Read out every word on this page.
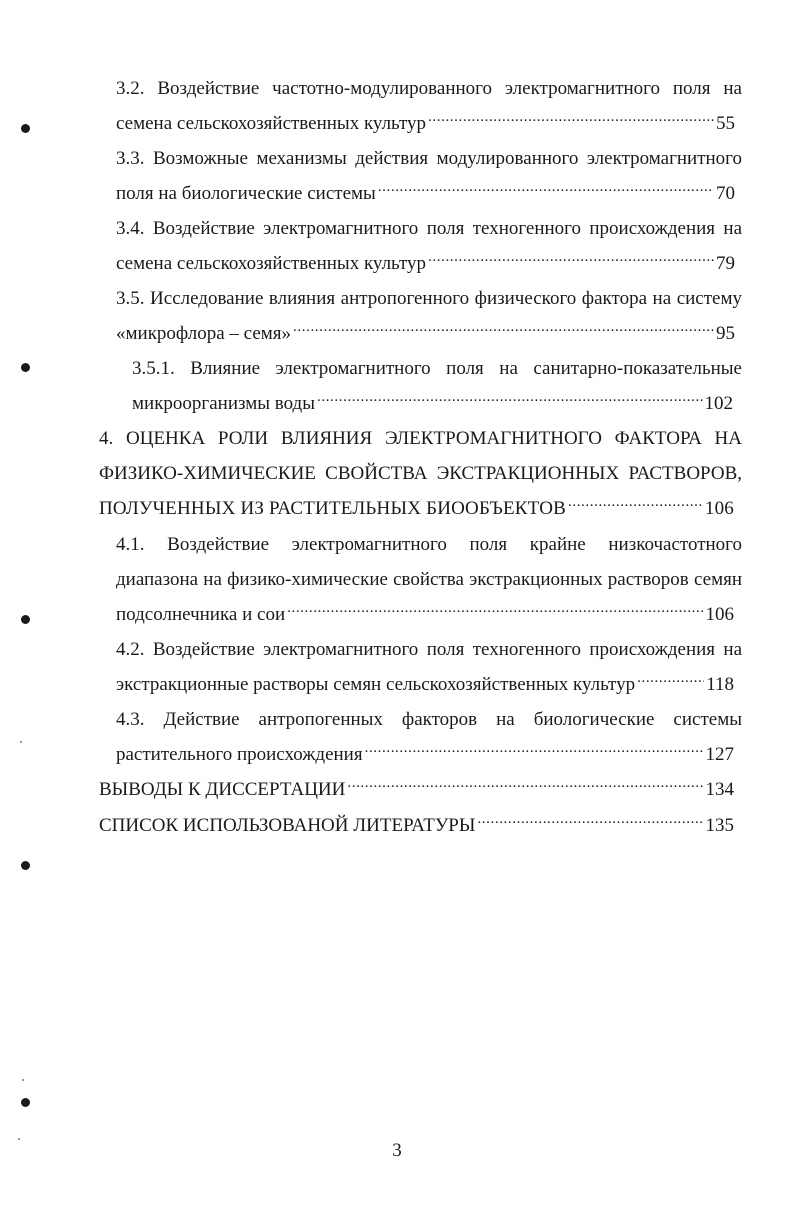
3.2. Воздействие частотно-модулированного электромагнитного поля на
семена сельскохозяйственных культур .....	55
3.3. Возможные механизмы действия модулированного электромагнитного
поля на биологические системы .....	70
3.4. Воздействие электромагнитного поля техногенного происхождения на
семена сельскохозяйственных культур .....	79
3.5. Исследование влияния антропогенного физического фактора на систему
«микрофлора – семя» .....	95
3.5.1. Влияние электромагнитного поля на санитарно-показательные
микроорганизмы воды .....	102
4. ОЦЕНКА РОЛИ ВЛИЯНИЯ ЭЛЕКТРОМАГНИТНОГО ФАКТОРА НА
ФИЗИКО-ХИМИЧЕСКИЕ СВОЙСТВА ЭКСТРАКЦИОННЫХ РАСТВОРОВ,
ПОЛУЧЕННЫХ ИЗ РАСТИТЕЛЬНЫХ БИООБЪЕКТОВ .....	106
4.1. Воздействие электромагнитного поля крайне низкочастотного
диапазона на физико-химические свойства экстракционных растворов семян
подсолнечника и сои .....	106
4.2. Воздействие электромагнитного поля техногенного происхождения на
экстракционные растворы семян сельскохозяйственных культур .....	118
4.3. Действие антропогенных факторов на биологические системы
растительного происхождения .....	127
ВЫВОДЫ К ДИССЕРТАЦИИ .....	134
СПИСОК ИСПОЛЬЗОВАНОЙ ЛИТЕРАТУРЫ .....	135
3
